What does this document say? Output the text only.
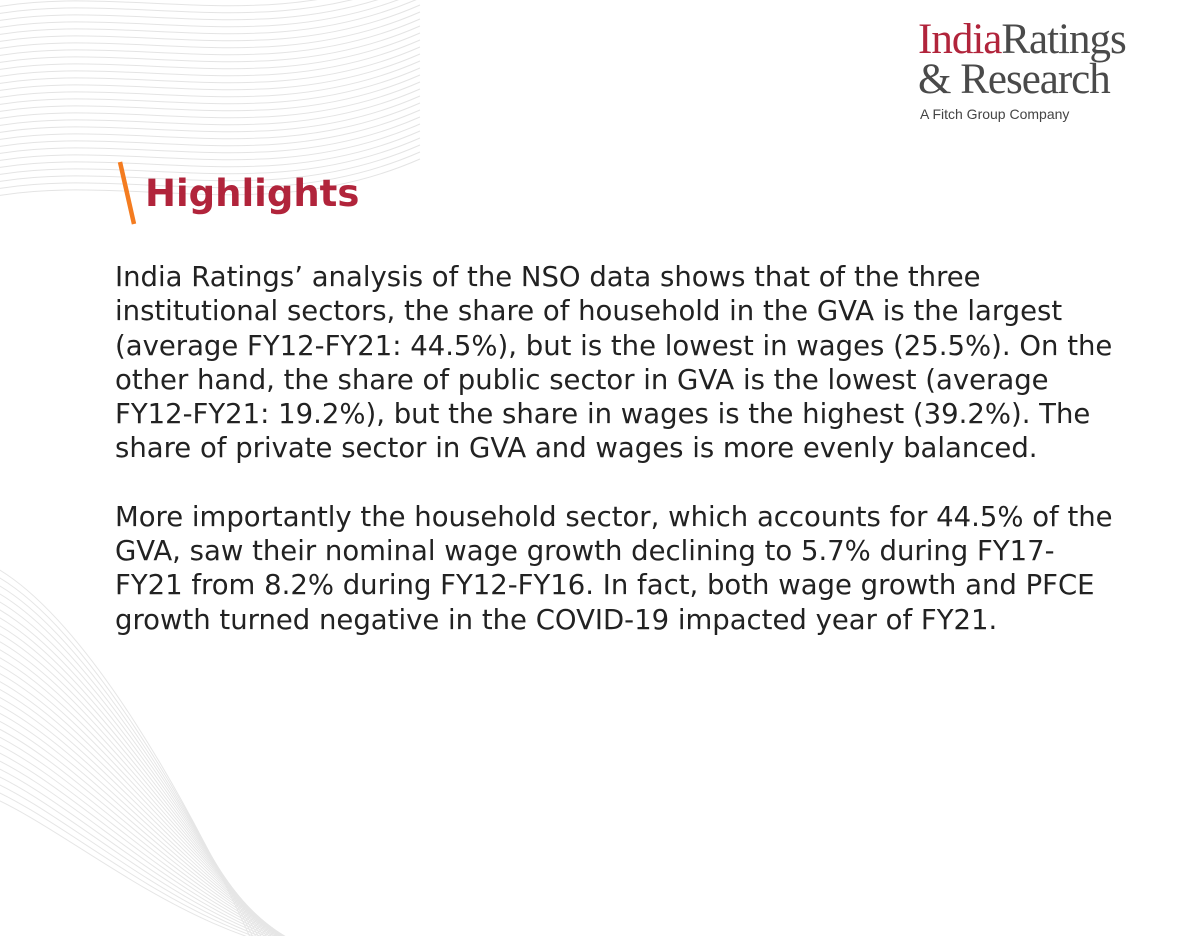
IndiaRatings
& Research
A Fitch Group Company
Highlights

India Ratings’ analysis of the NSO data shows that of the three institutional sectors, the share of household in the GVA is the largest (average FY12-FY21: 44.5%), but is the lowest in wages (25.5%). On the other hand, the share of public sector in GVA is the lowest (average FY12-FY21: 19.2%), but the share in wages is the highest (39.2%). The share of private sector in GVA and wages is more evenly balanced.

More importantly the household sector, which accounts for 44.5% of the GVA, saw their nominal wage growth declining to 5.7% during FY17-FY21 from 8.2% during FY12-FY16. In fact, both wage growth and PFCE growth turned negative in the COVID-19 impacted year of FY21.
